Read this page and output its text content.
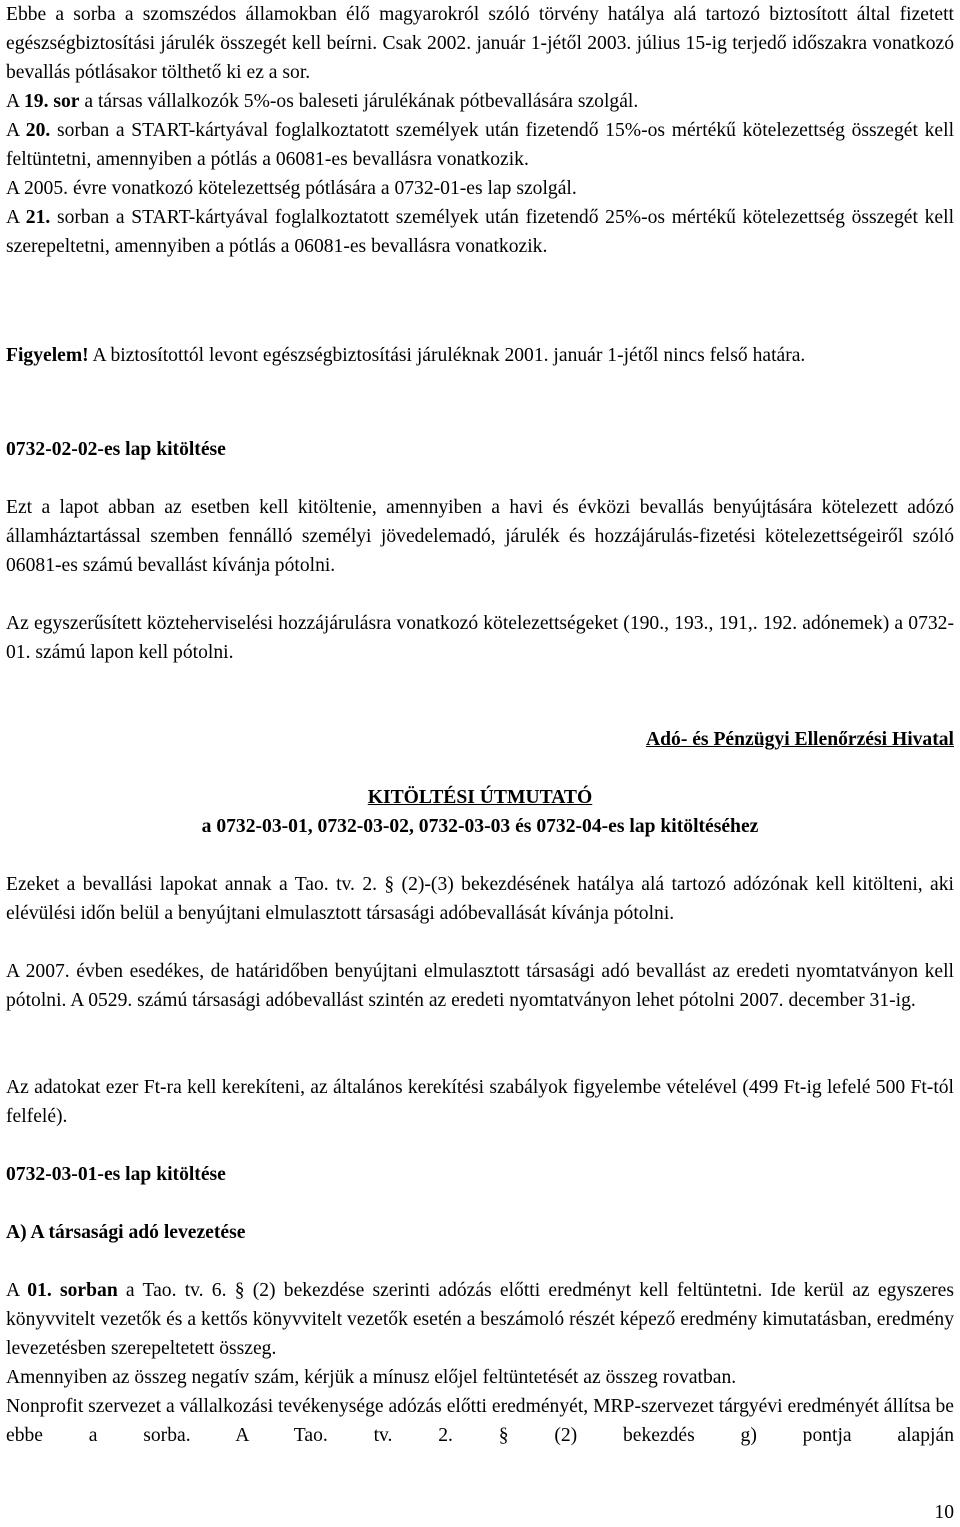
Ebbe a sorba a szomszédos államokban élő magyarokról szóló törvény hatálya alá tartozó biztosított által fizetett egészségbiztosítási járulék összegét kell beírni. Csak 2002. január 1-jétől 2003. július 15-ig terjedő időszakra vonatkozó bevallás pótlásakor tölthető ki ez a sor.

A 19. sor a társas vállalkozók 5%-os baleseti járulékának pótbevallására szolgál.

A 20. sorban a START-kártyával foglalkoztatott személyek után fizetendő 15%-os mértékű kötelezettség összegét kell feltüntetni, amennyiben a pótlás a 06081-es bevallásra vonatkozik.

A 2005. évre vonatkozó kötelezettség pótlására a 0732-01-es lap szolgál.

A 21. sorban a START-kártyával foglalkoztatott személyek után fizetendő 25%-os mértékű kötelezettség összegét kell szerepeltetni, amennyiben a pótlás a 06081-es bevallásra vonatkozik.

Figyelem! A biztosítottól levont egészségbiztosítási járuléknak 2001. január 1-jétől nincs felső határa.

0732-02-02-es lap kitöltése

Ezt a lapot abban az esetben kell kitöltenie, amennyiben a havi és évközi bevallás benyújtására kötelezett adózó államháztartással szemben fennálló személyi jövedelemadó, járulék és hozzájárulás-fizetési kötelezettségeiről szóló 06081-es számú bevallást kívánja pótolni.

Az egyszerűsített közteherviselési hozzájárulásra vonatkozó kötelezettségeket (190., 193., 191,. 192. adónemek) a 0732-01. számú lapon kell pótolni.

Adó- és Pénzügyi Ellenőrzési Hivatal

KITÖLTÉSI ÚTMUTATÓ

a 0732-03-01, 0732-03-02, 0732-03-03 és 0732-04-es lap kitöltéséhez

Ezeket a bevallási lapokat annak a Tao. tv. 2. § (2)-(3) bekezdésének hatálya alá tartozó adózónak kell kitölteni, aki elévülési időn belül a benyújtani elmulasztott társasági adóbevallását kívánja pótolni.

A 2007. évben esedékes, de határidőben benyújtani elmulasztott társasági adó bevallást az eredeti nyomtatványon kell pótolni. A 0529. számú társasági adóbevallást szintén az eredeti nyomtatványon lehet pótolni 2007. december 31-ig.

Az adatokat ezer Ft-ra kell kerekíteni, az általános kerekítési szabályok figyelembe vételével (499 Ft-ig lefelé 500 Ft-tól felfelé).

0732-03-01-es lap kitöltése

A) A társasági adó levezetése

A 01. sorban a Tao. tv. 6. § (2) bekezdése szerinti adózás előtti eredményt kell feltüntetni. Ide kerül az egyszeres könyvvitelt vezetők és a kettős könyvvitelt vezetők esetén a beszámoló részét képező eredmény kimutatásban, eredmény levezetésben szerepeltetett összeg.

Amennyiben az összeg negatív szám, kérjük a mínusz előjel feltüntetését az összeg rovatban.

Nonprofit szervezet a vállalkozási tevékenysége adózás előtti eredményét, MRP-szervezet tárgyévi eredményét állítsa be ebbe a sorba. A Tao. tv. 2. § (2) bekezdés g) pontja alapján

10
